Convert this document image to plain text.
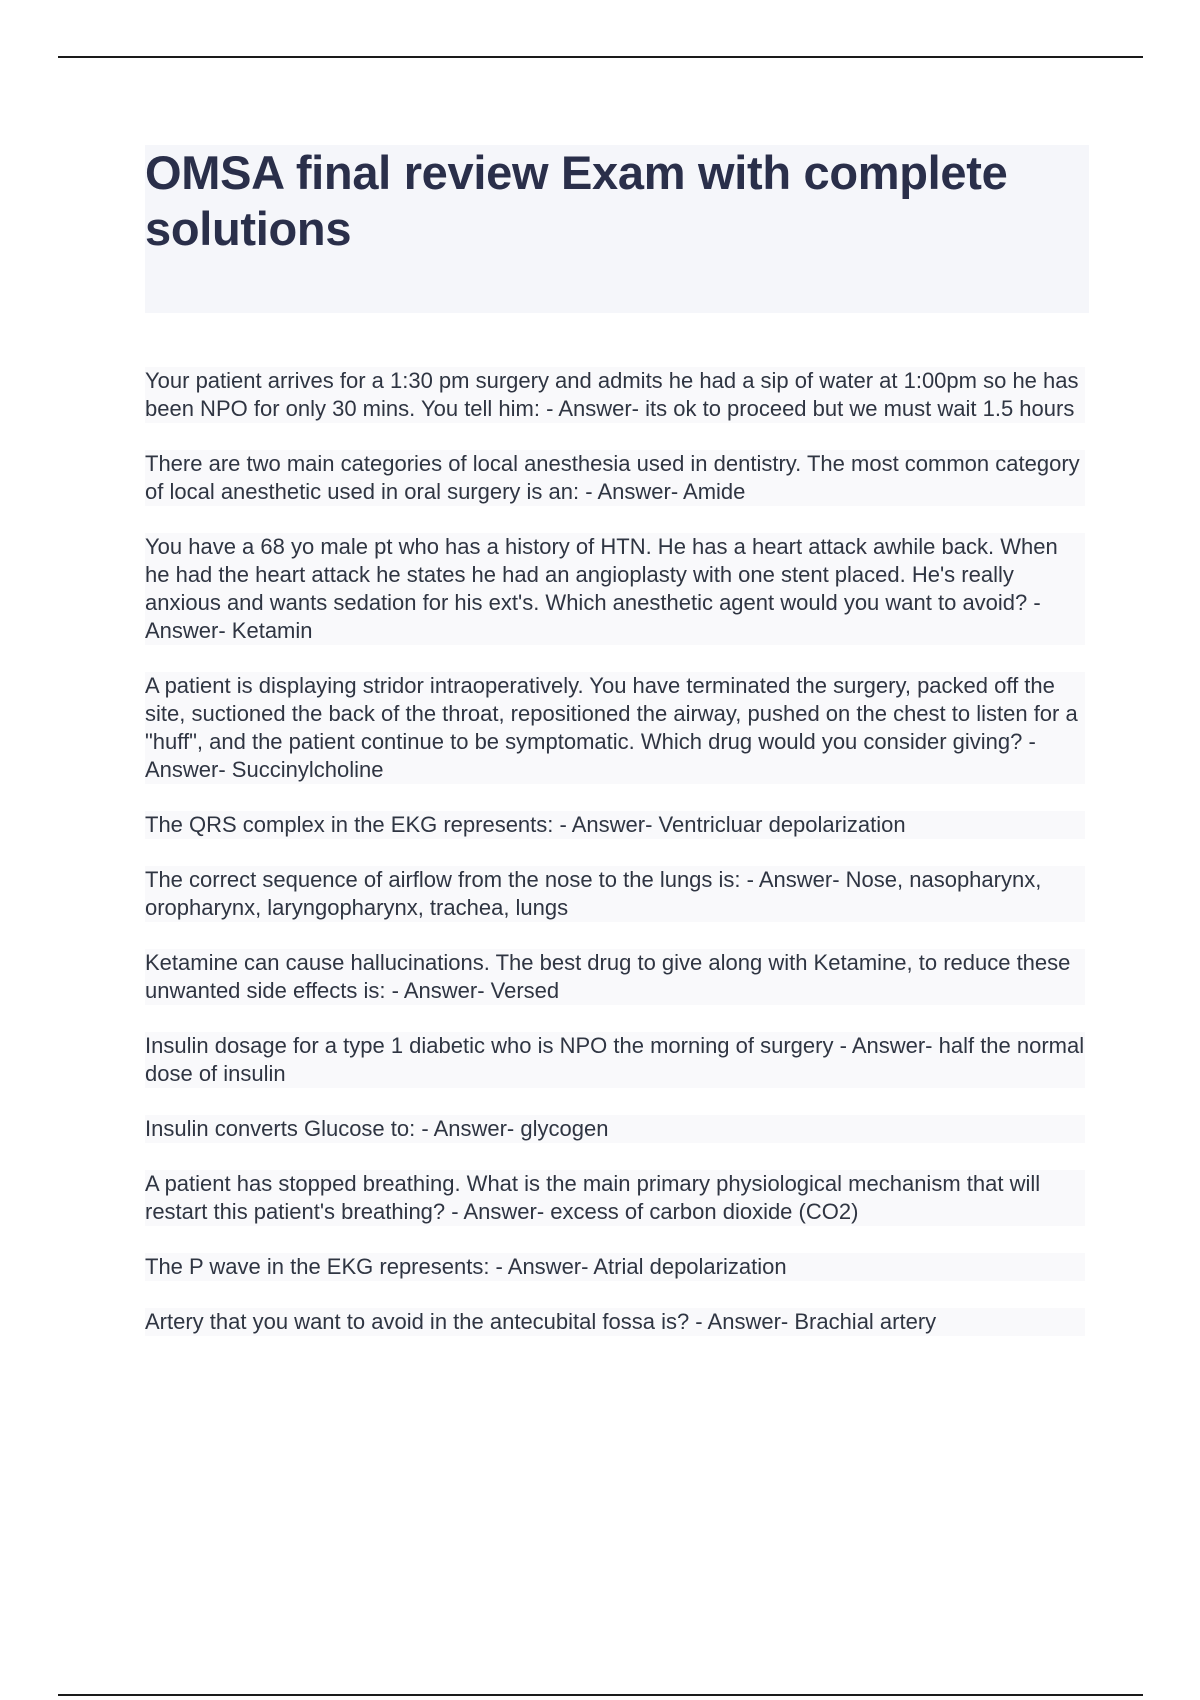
OMSA final review Exam with complete solutions

Your patient arrives for a 1:30 pm surgery and admits he had a sip of water at 1:00pm so he has been NPO for only 30 mins. You tell him: - Answer- its ok to proceed but we must wait 1.5 hours

There are two main categories of local anesthesia used in dentistry. The most common category of local anesthetic used in oral surgery is an: - Answer- Amide

You have a 68 yo male pt who has a history of HTN. He has a heart attack awhile back. When he had the heart attack he states he had an angioplasty with one stent placed. He's really anxious and wants sedation for his ext's. Which anesthetic agent would you want to avoid? - Answer- Ketamin

A patient is displaying stridor intraoperatively. You have terminated the surgery, packed off the site, suctioned the back of the throat, repositioned the airway, pushed on the chest to listen for a "huff", and the patient continue to be symptomatic. Which drug would you consider giving? - Answer- Succinylcholine

The QRS complex in the EKG represents: - Answer- Ventricluar depolarization

The correct sequence of airflow from the nose to the lungs is: - Answer- Nose, nasopharynx, oropharynx, laryngopharynx, trachea, lungs

Ketamine can cause hallucinations. The best drug to give along with Ketamine, to reduce these unwanted side effects is: - Answer- Versed

Insulin dosage for a type 1 diabetic who is NPO the morning of surgery - Answer- half the normal dose of insulin

Insulin converts Glucose to: - Answer- glycogen

A patient has stopped breathing. What is the main primary physiological mechanism that will restart this patient's breathing? - Answer- excess of carbon dioxide (CO2)

The P wave in the EKG represents: - Answer- Atrial depolarization

Artery that you want to avoid in the antecubital fossa is? - Answer- Brachial artery
